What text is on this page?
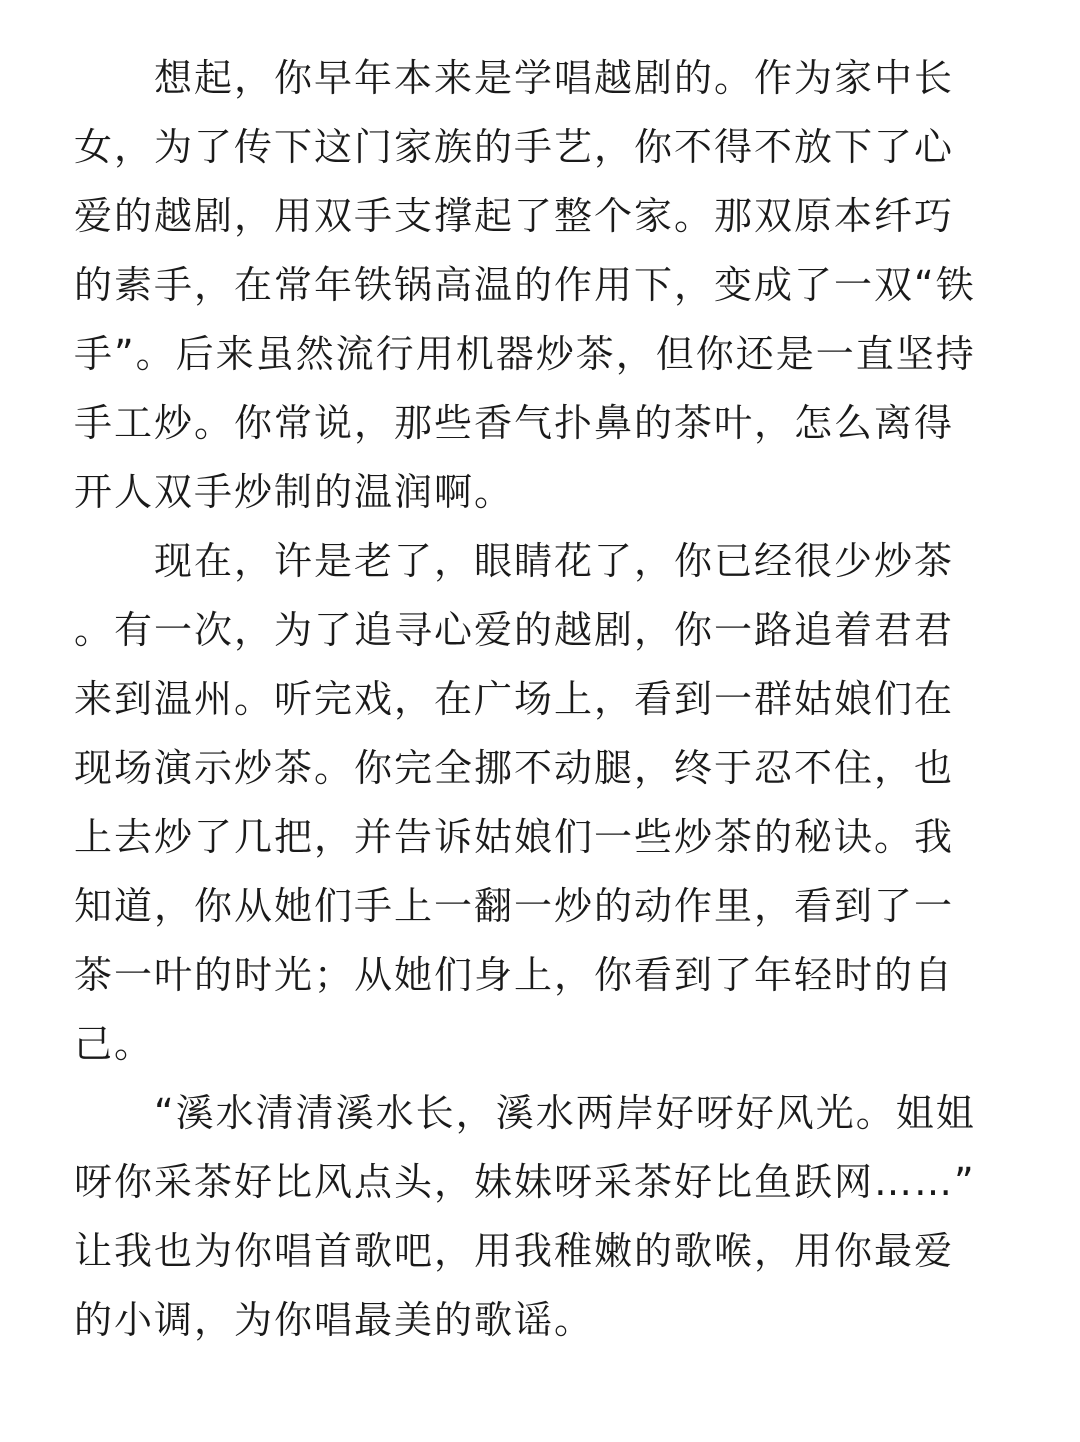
想起，你早年本来是学唱越剧的。作为家中长
女，为了传下这门家族的手艺，你不得不放下了心
爱的越剧，用双手支撑起了整个家。那双原本纤巧
的素手，在常年铁锅高温的作用下，变成了一双“铁
手”。后来虽然流行用机器炒茶，但你还是一直坚持
手工炒。你常说，那些香气扑鼻的茶叶，怎么离得
开人双手炒制的温润啊。
现在，许是老了，眼睛花了，你已经很少炒茶
。有一次，为了追寻心爱的越剧，你一路追着君君
来到温州。听完戏，在广场上，看到一群姑娘们在
现场演示炒茶。你完全挪不动腿，终于忍不住，也
上去炒了几把，并告诉姑娘们一些炒茶的秘诀。我
知道，你从她们手上一翻一炒的动作里，看到了一
茶一叶的时光；从她们身上，你看到了年轻时的自
己。
“溪水清清溪水长，溪水两岸好呀好风光。姐姐
呀你采茶好比风点头，妹妹呀采茶好比鱼跃网……”
让我也为你唱首歌吧，用我稚嫩的歌喉，用你最爱
的小调，为你唱最美的歌谣。
